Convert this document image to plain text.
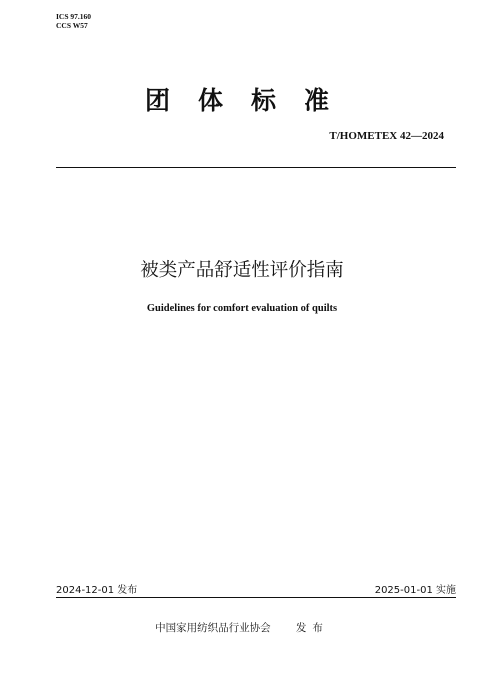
ICS 97.160
CCS W57
团体标准
T/HOMETEX 42—2024
被类产品舒适性评价指南
Guidelines for comfort evaluation of quilts
2024-12-01 发布	2025-01-01 实施
中国家用纺织品行业协会 发布
